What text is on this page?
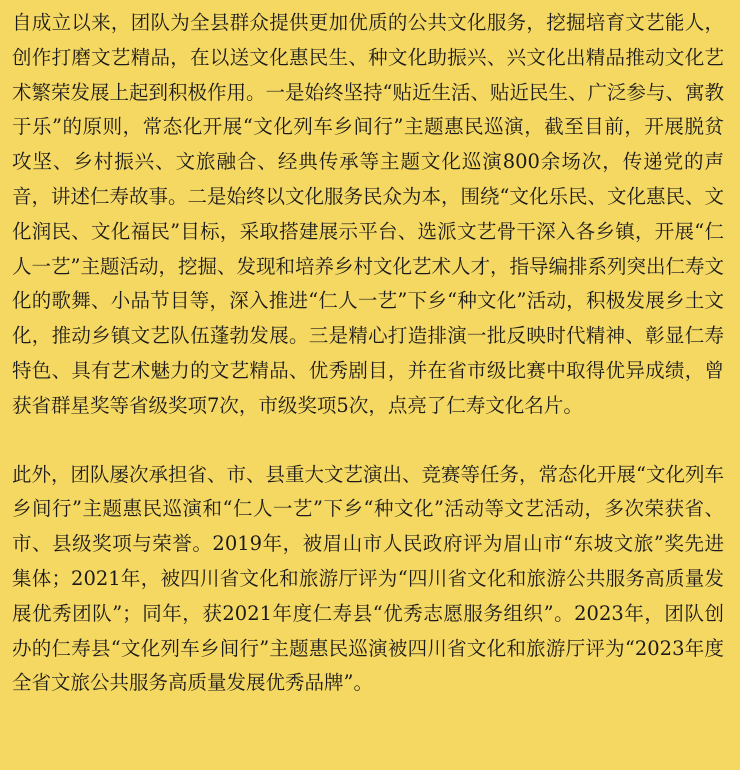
自成立以来，团队为全县群众提供更加优质的公共文化服务，挖掘培育文艺能人，创作打磨文艺精品，在以送文化惠民生、种文化助振兴、兴文化出精品推动文化艺术繁荣发展上起到积极作用。一是始终坚持“贴近生活、贴近民生、广泛参与、寓教于乐”的原则，常态化开展“文化列车乡间行”主题惠民巡演，截至目前，开展脱贫攻坚、乡村振兴、文旅融合、经典传承等主题文化巡演800余场次，传递党的声音，讲述仁寿故事。二是始终以文化服务民众为本，围绕“文化乐民、文化惠民、文化润民、文化福民”目标，采取搭建展示平台、选派文艺骨干深入各乡镇，开展“仁人一艺”主题活动，挖掘、发现和培养乡村文化艺术人才，指导编排系列突出仁寿文化的歌舞、小品节目等，深入推进“仁人一艺”下乡“种文化”活动，积极发展乡土文化，推动乡镇文艺队伍蓬勃发展。三是精心打造排演一批反映时代精神、彰显仁寿特色、具有艺术魅力的文艺精品、优秀剧目，并在省市级比赛中取得优异成绩，曾获省群星奖等省级奖项7次，市级奖项5次，点亮了仁寿文化名片。

此外，团队屡次承担省、市、县重大文艺演出、竞赛等任务，常态化开展“文化列车乡间行”主题惠民巡演和“仁人一艺”下乡“种文化”活动等文艺活动，多次荣获省、市、县级奖项与荣誉。2019年，被眉山市人民政府评为眉山市“东坡文旅”奖先进集体；2021年，被四川省文化和旅游厅评为“四川省文化和旅游公共服务高质量发展优秀团队”；同年，获2021年度仁寿县“优秀志愿服务组织”。2023年，团队创办的仁寿县“文化列车乡间行”主题惠民巡演被四川省文化和旅游厅评为“2023年度全省文旅公共服务高质量发展优秀品牌”。
